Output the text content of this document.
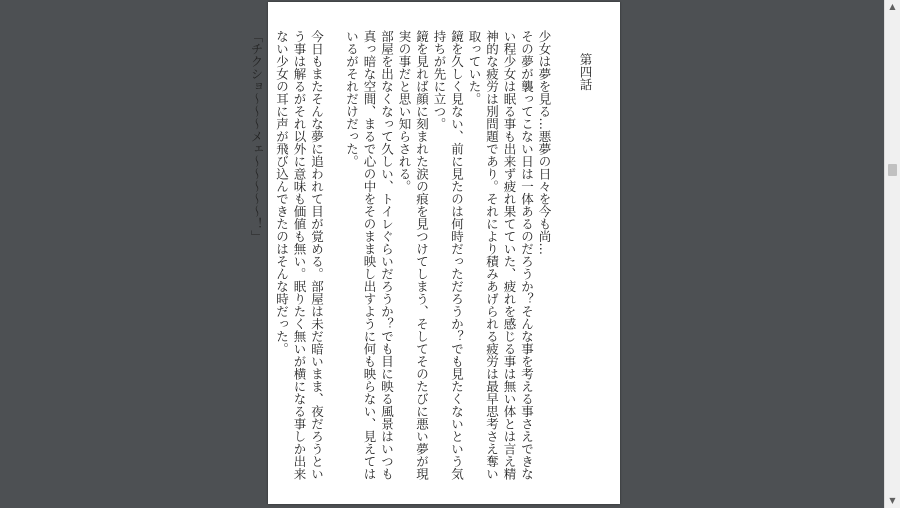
第四話
少女は夢を見る…悪夢の日々を今も尚…
その夢が襲ってこない日は一体あるのだろうか？そんな事を考える事さえできない程少女は眠る事も出来ず疲れ果てていた、疲れを感じる事は無い体とは言え精神的な疲労は別問題であり。それにより積みあげられる疲労は最早思考さえ奪い取っていた。
鏡を久しく見ない、前に見たのは何時だっただろうか？でも見たくないという気持ちが先に立つ。
鏡を見れば顔に刻まれた涙の痕を見つけてしまう、そしてそのたびに悪い夢が現実の事だと思い知らされる。
部屋を出なくなって久しい、トイレぐらいだろうか？でも目に映る風景はいつも真っ暗な空間、まるで心の中をそのまま映し出すように何も映らない、見えてはいるがそれだけだった。
今日もまたそんな夢に追われて目が覚める。部屋は未だ暗いまま、夜だろうという事は解るがそれ以外に意味も価値も無い。眠りたく無いが横になる事しか出来ない少女の耳に声が飛び込んできたのはそんな時だった。
「チクショ〜〜〜メェ〜〜〜〜〜！」
▲
▼
